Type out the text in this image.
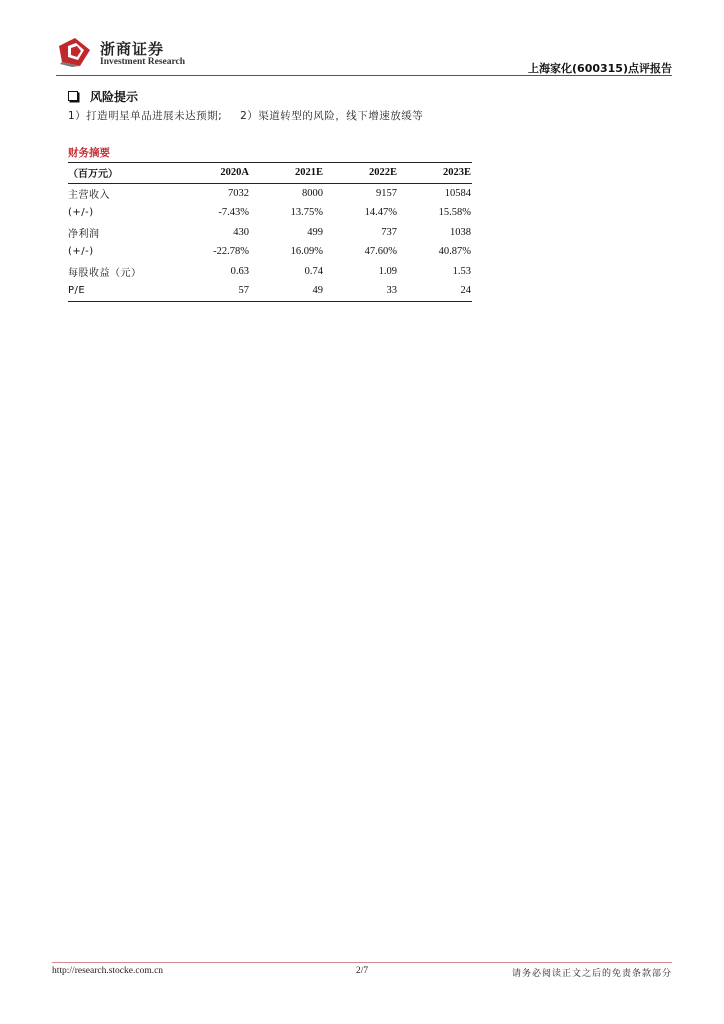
浙商证券
Investment Research	上海家化(600315)点评报告
风险提示
1）打造明星单品进展未达预期; 2）渠道转型的风险，线下增速放缓等
财务摘要
（百万元）	2020A	2021E	2022E	2023E
主营收入	7032	8000	9157	10584
(+/-)	-7.43%	13.75%	14.47%	15.58%
净利润	430	499	737	1038
(+/-)	-22.78%	16.09%	47.60%	40.87%
每股收益（元）	0.63	0.74	1.09	1.53
P/E	57	49	33	24
http://research.stocke.com.cn	2/7	请务必阅读正文之后的免责条款部分
